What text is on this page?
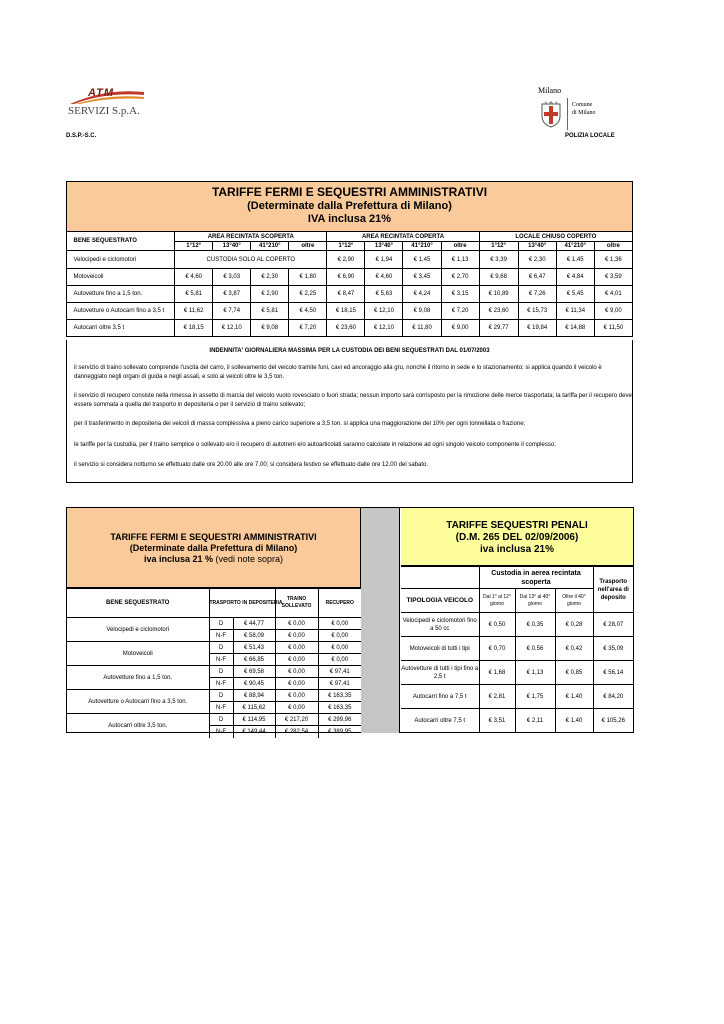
ATM
SERVIZI S.p.A.
D.S.P.-S.C.
Milano
Comune
di Milano
POLIZIA LOCALE
TARIFFE FERMI E SEQUESTRI AMMINISTRATIVI
(Determinate dalla Prefettura di Milano)
IVA inclusa 21%
	BENE SEQUESTRATO	AREA RECINTATA SCOPERTA				AREA RECINTATA COPERTA				LOCALE CHIUSO COPERTO			
		1°12°	13°40°	41°210°	oltre	1°12°	13°40°	41°210°	oltre	1°12°	13°40°	41°210°	oltre
	Velocipedi e ciclomotori	CUSTODIA SOLO AL COPERTO				€ 2,90	€ 1,94	€ 1,45	€ 1,13	€ 3,39	€ 2,30	€ 1,45	€ 1,36
	Motoveicoli	€ 4,60	€ 3,03	€ 2,30	€ 1,80	€ 6,90	€ 4,60	€ 3,45	€ 2,70	€ 9,68	€ 6,47	€ 4,84	€ 3,59
	Autovetture fino a 1,5 ton.	€ 5,81	€ 3,87	€ 2,90	€ 2,25	€ 8,47	€ 5,63	€ 4,24	€ 3,15	€ 10,89	€ 7,26	€ 5,45	€ 4,01
	Autovetture o Autocarri fino a 3,5 t	€ 11,62	€ 7,74	€ 5,81	€ 4,50	€ 18,15	€ 12,10	€ 9,08	€ 7,20	€ 23,60	€ 15,73	€ 11,34	€ 9,00
	Autocarri oltre 3,5 t	€ 18,15	€ 12,10	€ 9,08	€ 7,20	€ 23,60	€ 12,10	€ 11,80	€ 9,00	€ 29,77	€ 19,84	€ 14,88	€ 11,50
INDENNITA' GIORNALIERA MASSIMA PER LA CUSTODIA DEI BENI SEQUESTRATI DAL 01/07/2003
il servizio di traino sollevato comprende l'uscita del carro, il sollevamento del veicolo tramite funi, cavi ed ancoraggio alla gru, nonchè il ritorno in sede e lo stazionamento; si applica quando il veicolo è danneggiato negli organi di guida e negli assali, e solo ai veicoli oltre le 3,5 ton.
il servizio di recupero consiste nella rimessa in assetto di marcia del veicolo vuoto rovesciato o fuori strada; nessun importo sarà corrisposto per la rimozione delle merce trasportata; la tariffa per il recupero deve essere sommata a quella del trasporto in depositeria o per il servizio di traino sollevato;
per il trasferimento in depositeria dei veicoli di massa complessiva a pieno carico superiore a 3,5 ton. si applica una maggiorazione del 10% per ogni tonnellata o frazione;
le tariffe per la custodia, per il traino semplice o sollevato e/o il recupero di autotreni e/o autoarticolati saranno calcolate in relazione ad ogni singolo veicolo componente il complesso;
il servizio si considera notturno se effettuato dalle ore 20.00 alle ore 7.00; si considera festivo se effettuato dalle ore 12.00 del sabato.
TARIFFE FERMI E SEQUESTRI AMMINISTRATIVI
(Determinate dalla Prefettura di Milano)
iva inclusa 21 % (vedi note sopra)
BENE SEQUESTRATO	TRASPORTO IN DEPOSITERIA		TRAINO SOLLEVATO	RECUPERO
Velocipedi e ciclomotori	D	€ 44,77	€ 0,00	€ 0,00
	N-F	€ 58,09	€ 0,00	€ 0,00
Motoveicoli	D	€ 51,43	€ 0,00	€ 0,00
	N-F	€ 66,85	€ 0,00	€ 0,00
Autovetture fino a 1,5 ton.	D	€ 69,58	€ 0,00	€ 97,41
	N-F	€ 90,45	€ 0,00	€ 97,41
Autovetture o Autocarri fino a 3,5 ton.	D	€ 88,94	€ 0,00	€ 163,35
	N-F	€ 115,62	€ 0,00	€ 163,35
Autocarri oltre 3,5 ton.	D	€ 114,95	€ 217,20	€ 299,96
	N-F	€ 149,44	€ 282,54	€ 389,95
TARIFFE SEQUESTRI PENALI
(D.M. 265 DEL 02/09/2006)
iva inclusa 21%
	Custodia in aerea recintata scoperta			Trasporto nell'area di deposito
TIPOLOGIA VEICOLO	Dal 1° al 12° giorno	Dal 13° al 40° giorno	Oltre il 40° giorno	
Velocipedi e ciclomotori fino a 50 cc	€ 0,50	€ 0,35	€ 0,28	€ 28,07
Motoveicoli di tutti i tipi	€ 0,70	€ 0,56	€ 0,42	€ 35,09
Autovetture di tutti i tipi fino a 2,5 t	€ 1,68	€ 1,13	€ 0,85	€ 56,14
Autocarri fino a 7,5 t	€ 2,81	€ 1,75	€ 1,40	€ 84,20
Autocarri oltre 7,5 t	€ 3,51	€ 2,11	€ 1,40	€ 105,26
